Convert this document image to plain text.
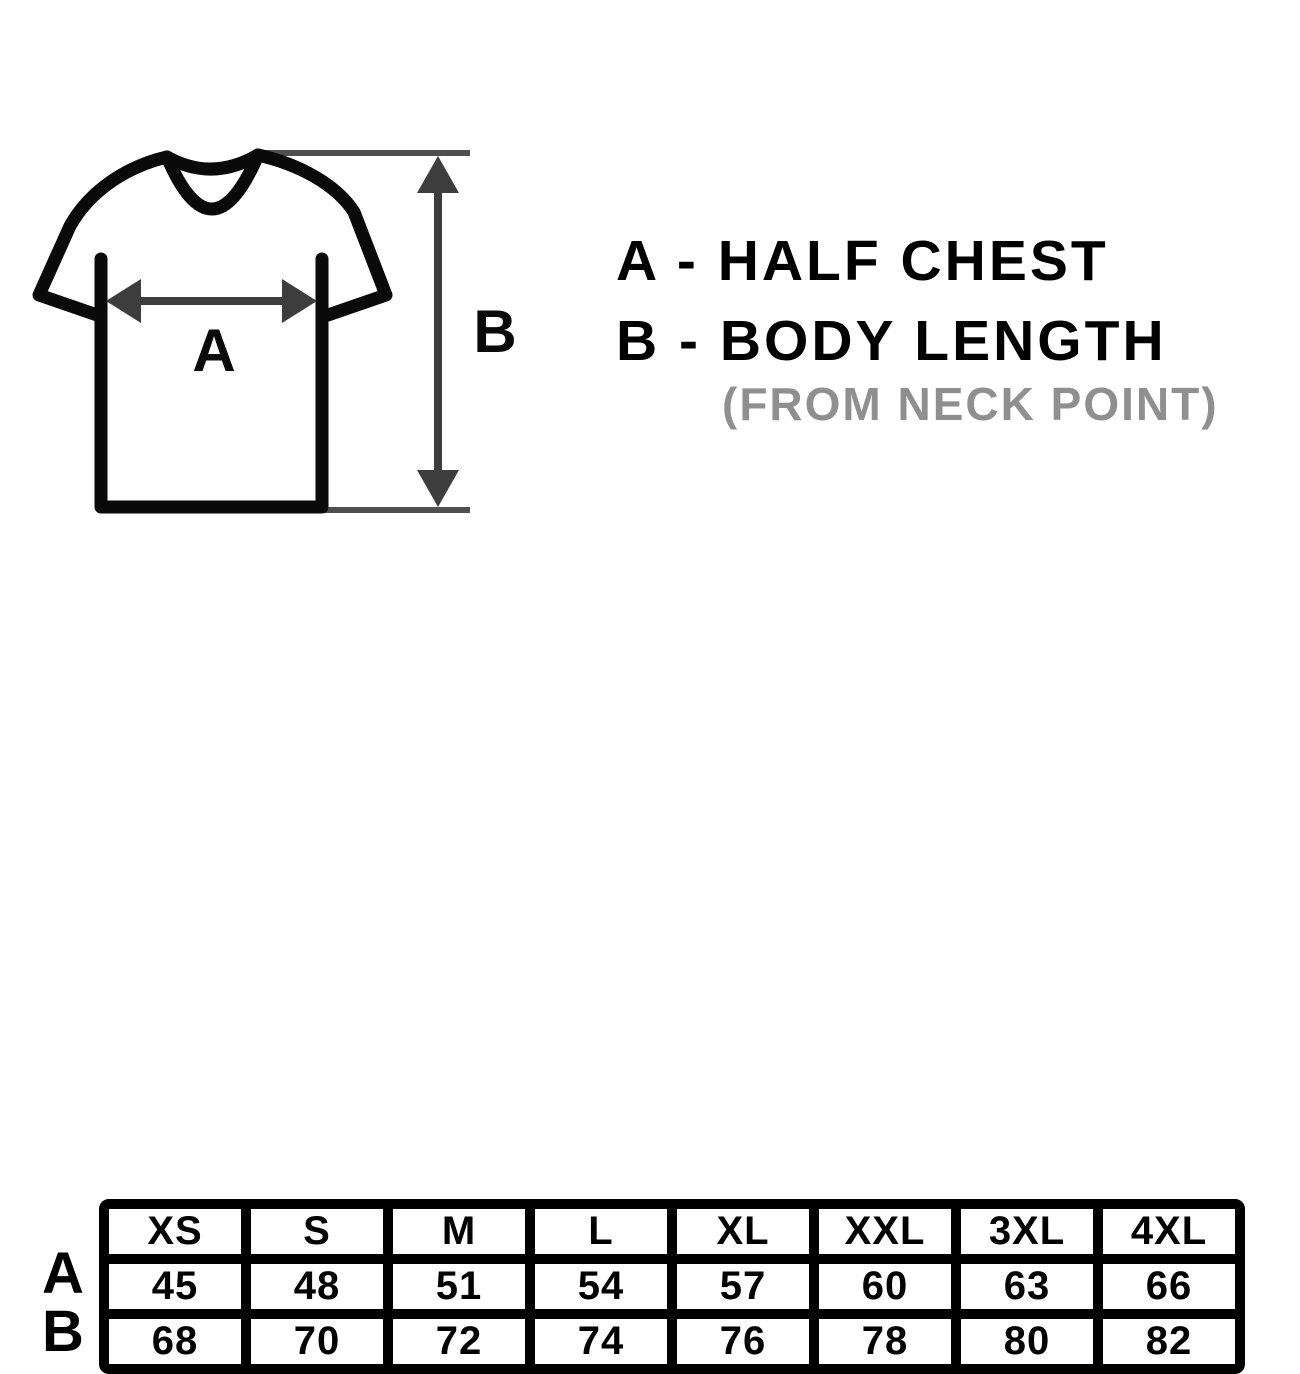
A	B
A - HALF CHEST
B - BODY LENGTH
(FROM NECK POINT)
A
B
XS	S	M	L	XL	XXL	3XL	4XL
45	48	51	54	57	60	63	66
68	70	72	74	76	78	80	82
